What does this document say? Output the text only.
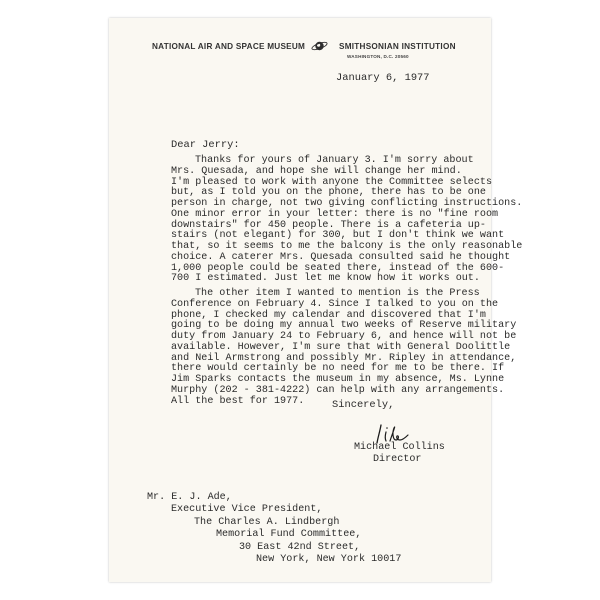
NATIONAL AIR AND SPACE MUSEUM	SMITHSONIAN INSTITUTION
WASHINGTON, D.C. 20560
January 6, 1977
Dear Jerry:
Thanks for yours of January 3. I'm sorry about
Mrs. Quesada, and hope she will change her mind.
I'm pleased to work with anyone the Committee selects
but, as I told you on the phone, there has to be one
person in charge, not two giving conflicting instructions.
One minor error in your letter: there is no "fine room
downstairs" for 450 people. There is a cafeteria up-
stairs (not elegant) for 300, but I don't think we want
that, so it seems to me the balcony is the only reasonable
choice. A caterer Mrs. Quesada consulted said he thought
1,000 people could be seated there, instead of the 600-
700 I estimated. Just let me know how it works out.
The other item I wanted to mention is the Press
Conference on February 4. Since I talked to you on the
phone, I checked my calendar and discovered that I'm
going to be doing my annual two weeks of Reserve military
duty from January 24 to February 6, and hence will not be
available. However, I'm sure that with General Doolittle
and Neil Armstrong and possibly Mr. Ripley in attendance,
there would certainly be no need for me to be there. If
Jim Sparks contacts the museum in my absence, Ms. Lynne
Murphy (202 - 381-4222) can help with any arrangements.
All the best for 1977.	Sincerely,
Michael Collins
Director
Mr. E. J. Ade,
Executive Vice President,
The Charles A. Lindbergh
Memorial Fund Committee,
30 East 42nd Street,
New York, New York 10017
